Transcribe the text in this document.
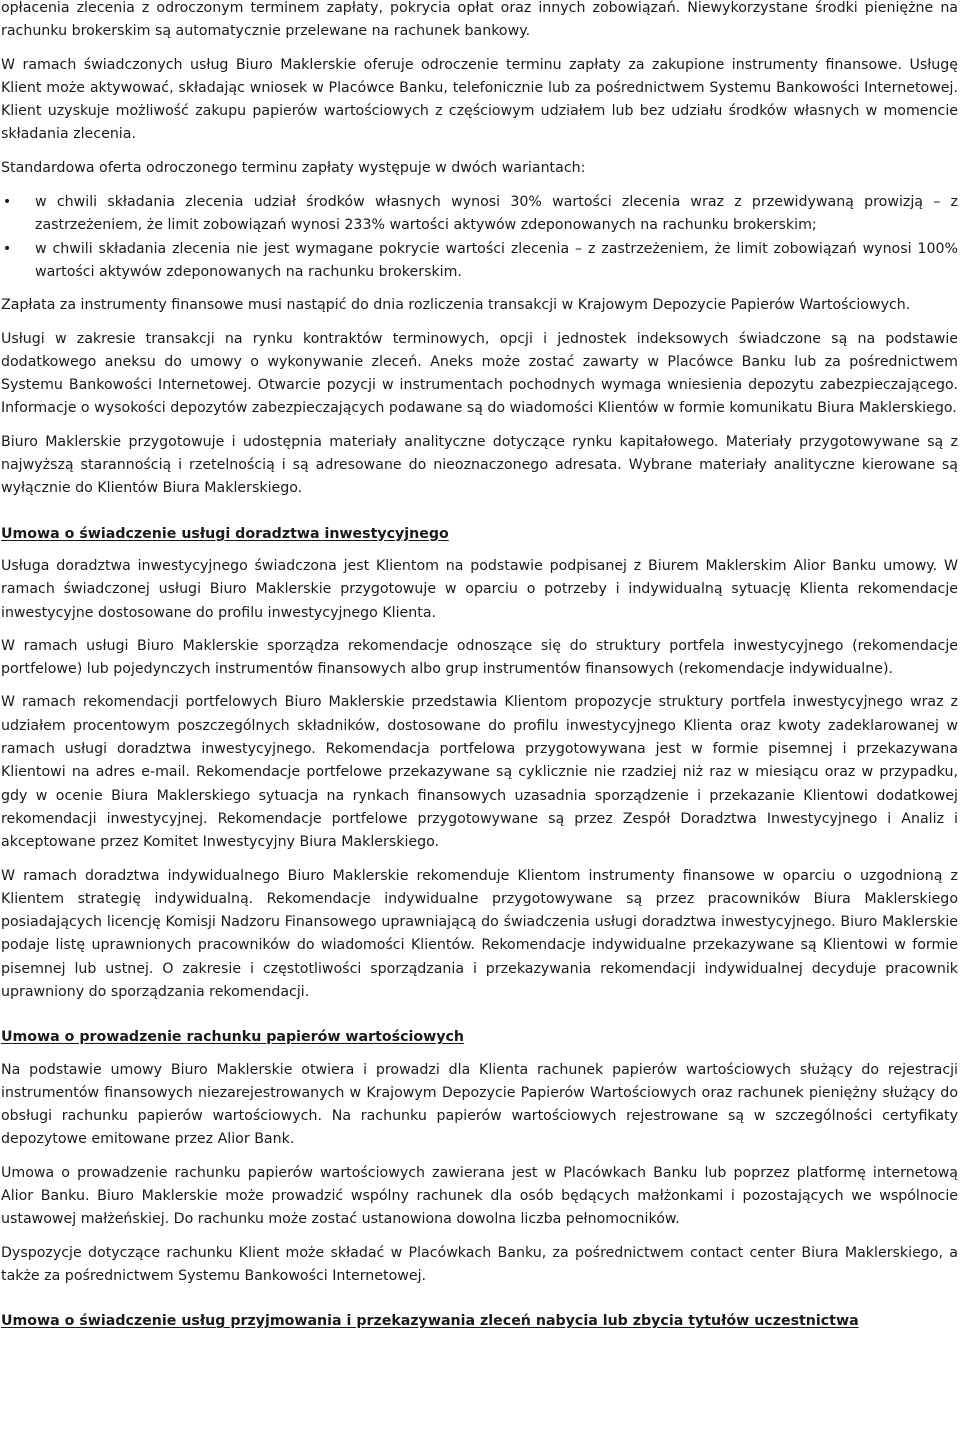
opłacenia zlecenia z odroczonym terminem zapłaty, pokrycia opłat oraz innych zobowiązań. Niewykorzystane środki pieniężne na rachunku brokerskim są automatycznie przelewane na rachunek bankowy.

W ramach świadczonych usług Biuro Maklerskie oferuje odroczenie terminu zapłaty za zakupione instrumenty finansowe. Usługę Klient może aktywować, składając wniosek w Placówce Banku, telefonicznie lub za pośrednictwem Systemu Bankowości Internetowej. Klient uzyskuje możliwość zakupu papierów wartościowych z częściowym udziałem lub bez udziału środków własnych w momencie składania zlecenia.

Standardowa oferta odroczonego terminu zapłaty występuje w dwóch wariantach:

• w chwili składania zlecenia udział środków własnych wynosi 30% wartości zlecenia wraz z przewidywaną prowizją – z zastrzeżeniem, że limit zobowiązań wynosi 233% wartości aktywów zdeponowanych na rachunku brokerskim;
• w chwili składania zlecenia nie jest wymagane pokrycie wartości zlecenia – z zastrzeżeniem, że limit zobowiązań wynosi 100% wartości aktywów zdeponowanych na rachunku brokerskim.

Zapłata za instrumenty finansowe musi nastąpić do dnia rozliczenia transakcji w Krajowym Depozycie Papierów Wartościowych.

Usługi w zakresie transakcji na rynku kontraktów terminowych, opcji i jednostek indeksowych świadczone są na podstawie dodatkowego aneksu do umowy o wykonywanie zleceń. Aneks może zostać zawarty w Placówce Banku lub za pośrednictwem Systemu Bankowości Internetowej. Otwarcie pozycji w instrumentach pochodnych wymaga wniesienia depozytu zabezpieczającego. Informacje o wysokości depozytów zabezpieczających podawane są do wiadomości Klientów w formie komunikatu Biura Maklerskiego.

Biuro Maklerskie przygotowuje i udostępnia materiały analityczne dotyczące rynku kapitałowego. Materiały przygotowywane są z najwyższą starannością i rzetelnością i są adresowane do nieoznaczonego adresata. Wybrane materiały analityczne kierowane są wyłącznie do Klientów Biura Maklerskiego.

Umowa o świadczenie usługi doradztwa inwestycyjnego

Usługa doradztwa inwestycyjnego świadczona jest Klientom na podstawie podpisanej z Biurem Maklerskim Alior Banku umowy. W ramach świadczonej usługi Biuro Maklerskie przygotowuje w oparciu o potrzeby i indywidualną sytuację Klienta rekomendacje inwestycyjne dostosowane do profilu inwestycyjnego Klienta.

W ramach usługi Biuro Maklerskie sporządza rekomendacje odnoszące się do struktury portfela inwestycyjnego (rekomendacje portfelowe) lub pojedynczych instrumentów finansowych albo grup instrumentów finansowych (rekomendacje indywidualne).

W ramach rekomendacji portfelowych Biuro Maklerskie przedstawia Klientom propozycje struktury portfela inwestycyjnego wraz z udziałem procentowym poszczególnych składników, dostosowane do profilu inwestycyjnego Klienta oraz kwoty zadeklarowanej w ramach usługi doradztwa inwestycyjnego. Rekomendacja portfelowa przygotowywana jest w formie pisemnej i przekazywana Klientowi na adres e-mail. Rekomendacje portfelowe przekazywane są cyklicznie nie rzadziej niż raz w miesiącu oraz w przypadku, gdy w ocenie Biura Maklerskiego sytuacja na rynkach finansowych uzasadnia sporządzenie i przekazanie Klientowi dodatkowej rekomendacji inwestycyjnej. Rekomendacje portfelowe przygotowywane są przez Zespół Doradztwa Inwestycyjnego i Analiz i akceptowane przez Komitet Inwestycyjny Biura Maklerskiego.

W ramach doradztwa indywidualnego Biuro Maklerskie rekomenduje Klientom instrumenty finansowe w oparciu o uzgodnioną z Klientem strategię indywidualną. Rekomendacje indywidualne przygotowywane są przez pracowników Biura Maklerskiego posiadających licencję Komisji Nadzoru Finansowego uprawniającą do świadczenia usługi doradztwa inwestycyjnego. Biuro Maklerskie podaje listę uprawnionych pracowników do wiadomości Klientów. Rekomendacje indywidualne przekazywane są Klientowi w formie pisemnej lub ustnej. O zakresie i częstotliwości sporządzania i przekazywania rekomendacji indywidualnej decyduje pracownik uprawniony do sporządzania rekomendacji.

Umowa o prowadzenie rachunku papierów wartościowych

Na podstawie umowy Biuro Maklerskie otwiera i prowadzi dla Klienta rachunek papierów wartościowych służący do rejestracji instrumentów finansowych niezarejestrowanych w Krajowym Depozycie Papierów Wartościowych oraz rachunek pieniężny służący do obsługi rachunku papierów wartościowych. Na rachunku papierów wartościowych rejestrowane są w szczególności certyfikaty depozytowe emitowane przez Alior Bank.

Umowa o prowadzenie rachunku papierów wartościowych zawierana jest w Placówkach Banku lub poprzez platformę internetową Alior Banku. Biuro Maklerskie może prowadzić wspólny rachunek dla osób będących małżonkami i pozostających we wspólnocie ustawowej małżeńskiej. Do rachunku może zostać ustanowiona dowolna liczba pełnomocników.

Dyspozycje dotyczące rachunku Klient może składać w Placówkach Banku, za pośrednictwem contact center Biura Maklerskiego, a także za pośrednictwem Systemu Bankowości Internetowej.

Umowa o świadczenie usług przyjmowania i przekazywania zleceń nabycia lub zbycia tytułów uczestnictwa
